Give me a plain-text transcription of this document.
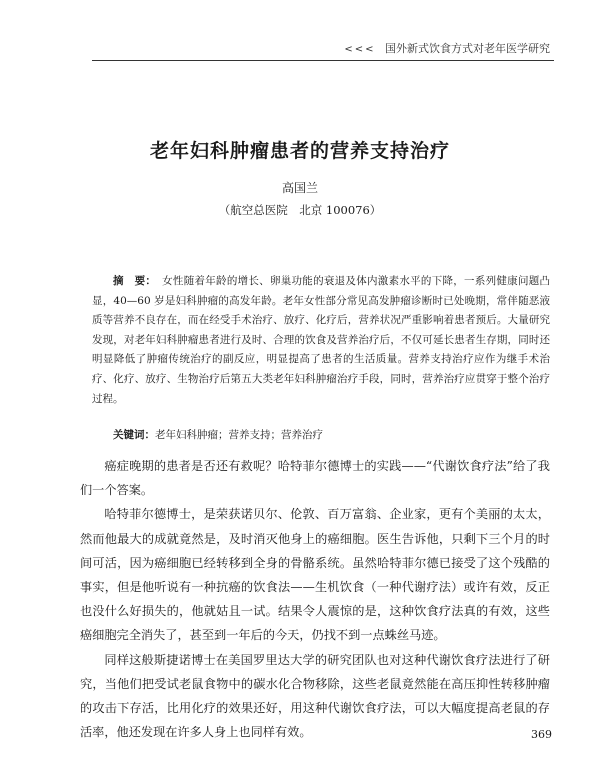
<<< 国外新式饮食方式对老年医学研究
老年妇科肿瘤患者的营养支持治疗
高国兰
（航空总医院　北京 100076）
摘　要： 女性随着年龄的增长、卵巢功能的衰退及体内激素水平的下降，一系列健康问题凸显，40—60 岁是妇科肿瘤的高发年龄。老年女性部分常见高发肿瘤诊断时已处晚期，常伴随恶液质等营养不良存在，而在经受手术治疗、放疗、化疗后，营养状况严重影响着患者预后。大量研究发现，对老年妇科肿瘤患者进行及时、合理的饮食及营养治疗后，不仅可延长患者生存期，同时还明显降低了肿瘤传统治疗的副反应，明显提高了患者的生活质量。营养支持治疗应作为继手术治疗、化疗、放疗、生物治疗后第五大类老年妇科肿瘤治疗手段，同时，营养治疗应贯穿于整个治疗过程。
关键词：老年妇科肿瘤；营养支持；营养治疗

癌症晚期的患者是否还有救呢？哈特菲尔德博士的实践——“代谢饮食疗法”给了我们一个答案。

哈特菲尔德博士，是荣获诺贝尔、伦敦、百万富翁、企业家，更有个美丽的太太，然而他最大的成就竟然是，及时消灭他身上的癌细胞。医生告诉他，只剩下三个月的时间可活，因为癌细胞已经转移到全身的骨骼系统。虽然哈特菲尔德已接受了这个残酷的事实，但是他听说有一种抗癌的饮食法——生机饮食（一种代谢疗法）或许有效，反正也没什么好损失的，他就姑且一试。结果令人震惊的是，这种饮食疗法真的有效，这些癌细胞完全消失了，甚至到一年后的今天，仍找不到一点蛛丝马迹。

同样这般斯捷诺博士在美国罗里达大学的研究团队也对这种代谢饮食疗法进行了研究，当他们把受试老鼠食物中的碳水化合物移除，这些老鼠竟然能在高压抑性转移肿瘤的攻击下存活，比用化疗的效果还好，用这种代谢饮食疗法，可以大幅度提高老鼠的存活率，他还发现在许多人身上也同样有效。	369
